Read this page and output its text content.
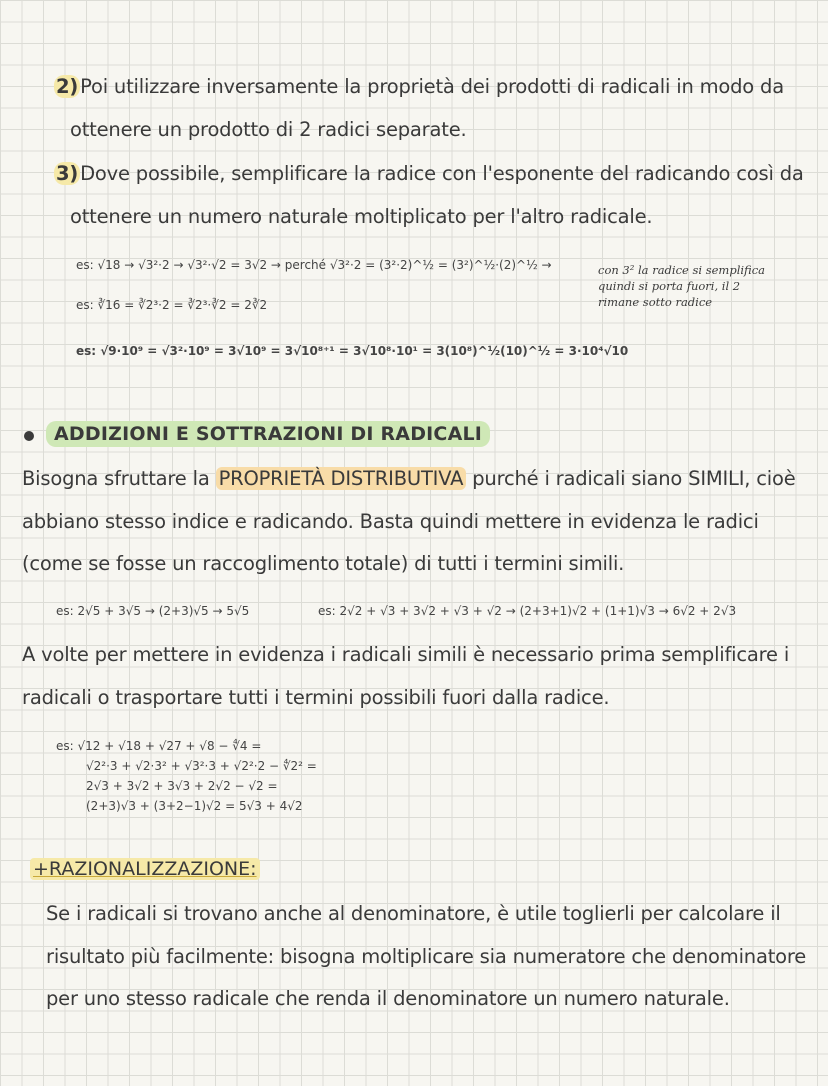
2) Poi utilizzare inversamente la proprietà dei prodotti di radicali in modo da
ottenere un prodotto di 2 radici separate.
3) Dove possibile, semplificare la radice con l'esponente del radicando così da
ottenere un numero naturale moltiplicato per l'altro radicale.
es: √18 → √3²·2 → √3²·√2 = 3√2 → perché √3²·2 = (3²·2)^½ = (3²)^½·(2)^½ →
es: ∛16 = ∛2³·2 = ∛2³·∛2 = 2∛2
es: √9·10⁹ = √3²·10⁹ = 3√10⁹ = 3√10⁸⁺¹ = 3√10⁸·10¹ = 3(10⁸)^½(10)^½ = 3·10⁴√10
con 3² la radice si semplifica
quindi si porta fuori, il 2
rimane sotto radice
ADDIZIONI E SOTTRAZIONI DI RADICALI
Bisogna sfruttare la PROPRIETÀ DISTRIBUTIVA purché i radicali siano SIMILI, cioè
abbiano stesso indice e radicando. Basta quindi mettere in evidenza le radici
(come se fosse un raccoglimento totale) di tutti i termini simili.
es: 2√5 + 3√5 → (2+3)√5 → 5√5	es: 2√2 + √3 + 3√2 + √3 + √2 → (2+3+1)√2 + (1+1)√3 → 6√2 + 2√3
A volte per mettere in evidenza i radicali simili è necessario prima semplificare i
radicali o trasportare tutti i termini possibili fuori dalla radice.
es: √12 + √18 + √27 + √8 − ∜4 =
√2²·3 + √2·3² + √3²·3 + √2²·2 − ∜2² =
2√3 + 3√2 + 3√3 + 2√2 − √2 =
(2+3)√3 + (3+2−1)√2 = 5√3 + 4√2
+RAZIONALIZZAZIONE:
Se i radicali si trovano anche al denominatore, è utile toglierli per calcolare il
risultato più facilmente: bisogna moltiplicare sia numeratore che denominatore
per uno stesso radicale che renda il denominatore un numero naturale.
